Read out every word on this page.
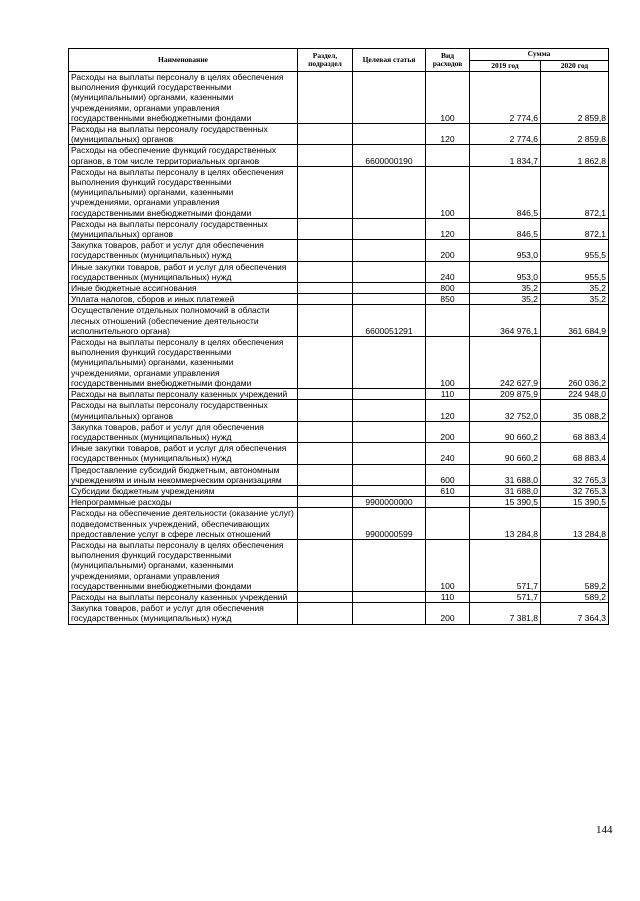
Наименование	Раздел, подраздел	Целевая статья	Вид расходов	Сумма	
				2019 год	2020 год
Расходы на выплаты персоналу в целях обеспечения выполнения функций государственными (муниципальными) органами, казенными учреждениями, органами управления государственными внебюджетными фондами			100	2 774,6	2 859,8
Расходы на выплаты персоналу государственных (муниципальных) органов			120	2 774,6	2 859,8
Расходы на обеспечение функций государственных органов, в том числе территориальных органов		6600000190		1 834,7	1 862,8
Расходы на выплаты персоналу в целях обеспечения выполнения функций государственными (муниципальными) органами, казенными учреждениями, органами управления государственными внебюджетными фондами			100	846,5	872,1
Расходы на выплаты персоналу государственных (муниципальных) органов			120	846,5	872,1
Закупка товаров, работ и услуг для обеспечения государственных (муниципальных) нужд			200	953,0	955,5
Иные закупки товаров, работ и услуг для обеспечения государственных (муниципальных) нужд			240	953,0	955,5
Иные бюджетные ассигнования			800	35,2	35,2
Уплата налогов, сборов и иных платежей			850	35,2	35,2
Осуществление отдельных полномочий в области лесных отношений (обеспечение деятельности исполнительного органа)		6600051291		364 976,1	361 684,9
Расходы на выплаты персоналу в целях обеспечения выполнения функций государственными (муниципальными) органами, казенными учреждениями, органами управления государственными внебюджетными фондами			100	242 627,9	260 036,2
Расходы на выплаты персоналу казенных учреждений			110	209 875,9	224 948,0
Расходы на выплаты персоналу государственных (муниципальных) органов			120	32 752,0	35 088,2
Закупка товаров, работ и услуг для обеспечения государственных (муниципальных) нужд			200	90 660,2	68 883,4
Иные закупки товаров, работ и услуг для обеспечения государственных (муниципальных) нужд			240	90 660,2	68 883,4
Предоставление субсидий бюджетным, автономным учреждениям и иным некоммерческим организациям			600	31 688,0	32 765,3
Субсидии бюджетным учреждениям			610	31 688,0	32 765,3
Непрограммные расходы		9900000000		15 390,5	15 390,5
Расходы на обеспечение деятельности (оказание услуг) подведомственных учреждений, обеспечивающих предоставление услуг в сфере лесных отношений		9900000599		13 284,8	13 284,8
Расходы на выплаты персоналу в целях обеспечения выполнения функций государственными (муниципальными) органами, казенными учреждениями, органами управления государственными внебюджетными фондами			100	571,7	589,2
Расходы на выплаты персоналу казенных учреждений			110	571,7	589,2
Закупка товаров, работ и услуг для обеспечения государственных (муниципальных) нужд			200	7 381,8	7 364,3
144
